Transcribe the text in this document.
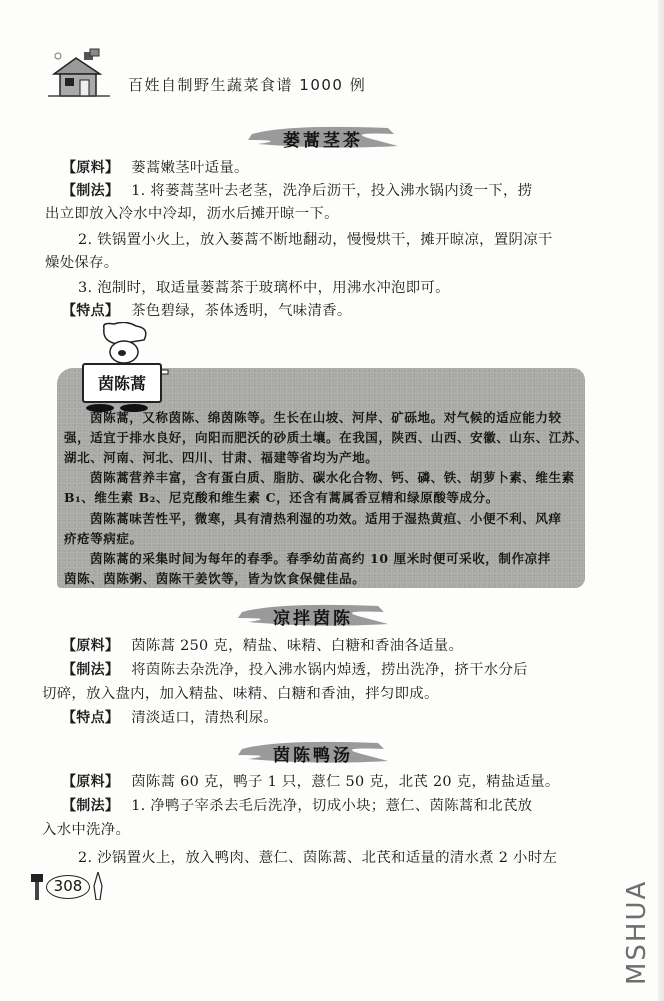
百姓自制野生蔬菜食谱 1000 例
蒌蒿茎茶
【原料】 蒌蒿嫩茎叶适量。
【制法】 1. 将蒌蒿茎叶去老茎，洗净后沥干，投入沸水锅内烫一下，捞
出立即放入冷水中冷却，沥水后摊开晾一下。
2. 铁锅置小火上，放入蒌蒿不断地翻动，慢慢烘干，摊开晾凉，置阴凉干
燥处保存。
3. 泡制时，取适量蒌蒿茶于玻璃杯中，用沸水冲泡即可。
【特点】 茶色碧绿，茶体透明，气味清香。
茵陈蒿
茵陈蒿，又称茵陈、绵茵陈等。生长在山坡、河岸、矿砾地。对气候的适应能力较
强，适宜于排水良好，向阳而肥沃的砂质土壤。在我国，陕西、山西、安徽、山东、江苏、
湖北、河南、河北、四川、甘肃、福建等省均为产地。
茵陈蒿营养丰富，含有蛋白质、脂肪、碳水化合物、钙、磷、铁、胡萝卜素、维生素
B₁、维生素 B₂、尼克酸和维生素 C，还含有蒿属香豆精和绿原酸等成分。
茵陈蒿味苦性平，微寒，具有清热利湿的功效。适用于湿热黄疸、小便不利、风痒
疥疮等病症。
茵陈蒿的采集时间为每年的春季。春季幼苗高约 10 厘米时便可采收，制作凉拌
茵陈、茵陈粥、茵陈干姜饮等，皆为饮食保健佳品。
凉拌茵陈
【原料】 茵陈蒿 250 克，精盐、味精、白糖和香油各适量。
【制法】 将茵陈去杂洗净，投入沸水锅内焯透，捞出洗净，挤干水分后
切碎，放入盘内，加入精盐、味精、白糖和香油，拌匀即成。
【特点】 清淡适口，清热利尿。
茵陈鸭汤
【原料】 茵陈蒿 60 克，鸭子 1 只，薏仁 50 克，北芪 20 克，精盐适量。
【制法】 1. 净鸭子宰杀去毛后洗净，切成小块；薏仁、茵陈蒿和北芪放
入水中洗净。
2. 沙锅置火上，放入鸭肉、薏仁、茵陈蒿、北芪和适量的清水煮 2 小时左
308	MSHUA
